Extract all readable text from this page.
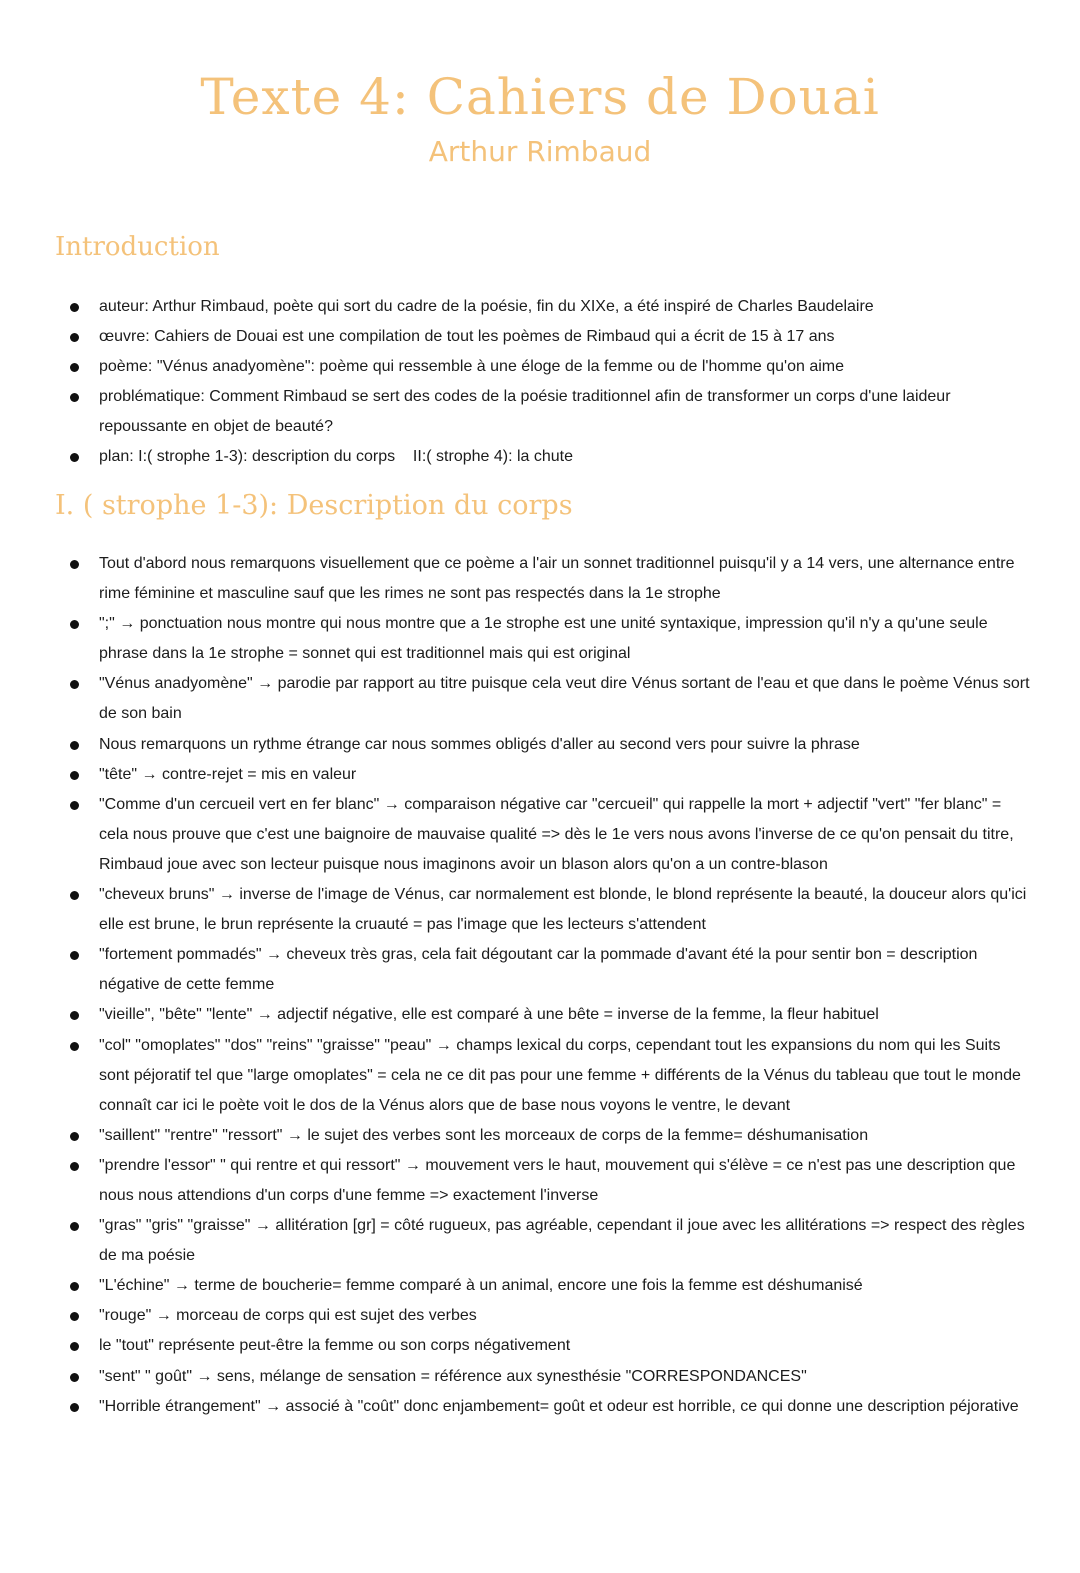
Texte 4: Cahiers de Douai
Arthur Rimbaud
Introduction
auteur: Arthur Rimbaud, poète qui sort du cadre de la poésie, fin du XIXe, a été inspiré de Charles Baudelaire
œuvre: Cahiers de Douai est une compilation de tout les poèmes de Rimbaud qui a écrit de 15 à 17 ans
poème: "Vénus anadyomène": poème qui ressemble à une éloge de la femme ou de l'homme qu'on aime
problématique: Comment Rimbaud se sert des codes de la poésie traditionnel afin de transformer un corps d'une laideur repoussante en objet de beauté?
plan: I:( strophe 1-3): description du corps    II:( strophe 4): la chute
I. ( strophe 1-3): Description du corps
Tout d'abord nous remarquons visuellement que ce poème a l'air un sonnet traditionnel puisqu'il y a 14 vers, une alternance entre rime féminine et masculine sauf que les rimes ne sont pas respectés dans la 1e strophe
";" → ponctuation nous montre qui nous montre que a 1e strophe est une unité syntaxique, impression qu'il n'y a qu'une seule phrase dans la 1e strophe = sonnet qui est traditionnel mais qui est original
"Vénus anadyomène" → parodie par rapport au titre puisque cela veut dire Vénus sortant de l'eau et que dans le poème Vénus sort de son bain
Nous remarquons un rythme étrange car nous sommes obligés d'aller au second vers pour suivre la phrase
"tête" → contre-rejet = mis en valeur
"Comme d'un cercueil vert en fer blanc" → comparaison négative car "cercueil" qui rappelle la mort + adjectif "vert" "fer blanc" = cela nous prouve que c'est une baignoire de mauvaise qualité => dès le 1e vers nous avons l'inverse de ce qu'on pensait du titre, Rimbaud joue avec son lecteur puisque nous imaginons avoir un blason alors qu'on a un contre-blason
"cheveux bruns" → inverse de l'image de Vénus, car normalement est blonde, le blond représente la beauté, la douceur alors qu'ici elle est brune, le brun représente la cruauté = pas l'image que les lecteurs s'attendent
"fortement pommadés" → cheveux très gras, cela fait dégoutant car la pommade d'avant été la pour sentir bon = description négative de cette femme
"vieille", "bête" "lente" → adjectif négative, elle est comparé à une bête = inverse de la femme, la fleur habituel
"col" "omoplates" "dos" "reins" "graisse" "peau" → champs lexical du corps, cependant tout les expansions du nom qui les Suits sont péjoratif tel que "large omoplates" = cela ne ce dit pas pour une femme + différents de la Vénus du tableau que tout le monde connaît car ici le poète voit le dos de la Vénus alors que de base nous voyons le ventre, le devant
"saillent" "rentre" "ressort" → le sujet des verbes sont les morceaux de corps de la femme= déshumanisation
"prendre l'essor" " qui rentre et qui ressort" → mouvement vers le haut, mouvement qui s'élève = ce n'est pas une description que nous nous attendions d'un corps d'une femme => exactement l'inverse
"gras" "gris" "graisse" → allitération [gr] = côté rugueux, pas agréable, cependant il joue avec les allitérations => respect des règles de ma poésie
"L'échine" → terme de boucherie= femme comparé à un animal, encore une fois la femme est déshumanisé
"rouge" → morceau de corps qui est sujet des verbes
le "tout" représente peut-être la femme ou son corps négativement
"sent" " goût" → sens, mélange de sensation = référence aux synesthésie "CORRESPONDANCES"
"Horrible étrangement" → associé à "coût" donc enjambement= goût et odeur est horrible, ce qui donne une description péjorative
